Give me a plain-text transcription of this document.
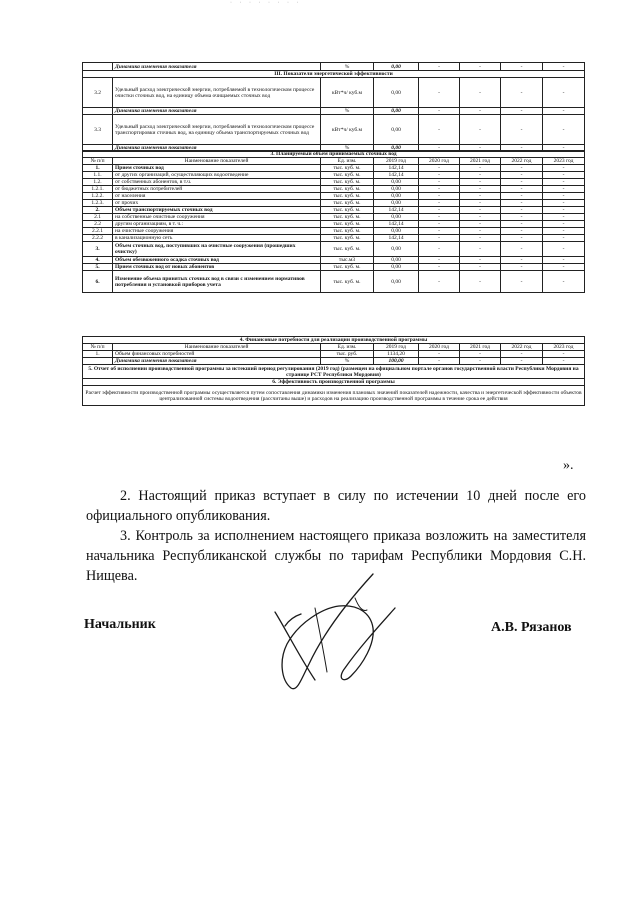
· · · · · · · ·
	Динамика изменения показателя	%	0,00	-	-	-	-
III. Показатели энергетической эффективности							
3.2	Удельный расход электрической энергии, потребляемой в технологическом процессе очистки сточных вод, на единицу объема очищаемых сточных вод	кВт*ч/ куб.м	0,00	-	-	-	-
	Динамика изменения показателя	%	0,00	-	-	-	-
3.3	Удельный расход электрической энергии, потребляемой в технологическом процессе транспортировки сточных вод, на единицу объема транспортируемых сточных вод	кВт*ч/ куб.м	0,00	-	-	-	-
	Динамика изменения показателя	%	0,00	-	-	-	-
3. Планируемый объем принимаемых сточных вод							
№ п/п	Наименование показателей	Ед. изм.	2019 год	2020 год	2021 год	2022 год	2023 год
1.	Прием сточных вод	тыс. куб. м.	142,14	-	-	-	-
1.1.	от других организаций, осуществляющих водоотведение	тыс. куб. м.	142,14	-	-	-	-
1.2.	от собственных абонентов, в т.ч.	тыс. куб. м.	0,00	-	-	-	-
1.2.1.	от бюджетных потребителей	тыс. куб. м.	0,00	-	-	-	-
1.2.2.	от населения	тыс. куб. м.	0,00	-	-	-	-
1.2.3.	от прочих	тыс. куб. м.	0,00	-	-	-	-
2.	Объем транспортируемых сточных вод	тыс. куб. м.	142,14	-	-	-	-
2.1	на собственные очистные сооружения	тыс. куб. м.	0,00	-	-	-	-
2.2	другим организациям, в т. ч.:	тыс. куб. м.	142,14	-	-	-	-
2.2.1	на очистные сооружения	тыс. куб. м.	0,00	-	-	-	-
2.2.2	в канализационную сеть	тыс. куб. м.	142,14	-	-	-	-
3.	Объем сточных вод, поступивших на очистные сооружения (прошедших очистку)	тыс. куб. м.	0,00	-	-	-	-
4.	Объем обезвоженного осадка сточных вод	тыс.м3	0,00	-	-	-	-
5.	Прием сточных вод от новых абонентов	тыс. куб. м.	0,00	-	-	-	-
6.	Изменение объема принятых сточных вод в связи с изменением нормативов потребления и установкой приборов учета	тыс. куб. м.	0,00	-	-	-	-
4. Финансовые потребности для реализации производственной программы							
№ п/п	Наименование показателей	Ед. изм.	2019 год	2020 год	2021 год	2022 год	2023 год
1.	Объем финансовых потребностей	тыс. руб.	1134,20	-	-	-	-
	Динамика изменения показателя	%	100,00	-	-	-	-
5. Отчет об исполнении производственной программы за истекший период регулирования (2019 год) (размещен на официальном портале органов государственной власти Республики Мордовия на странице РСТ Республики Мордовия)							
6. Эффективность производственной программы							
Расчет эффективности производственной программы осуществляется путем сопоставления динамики изменения плановых значений показателей надежности, качества и энергетической эффективности объектов централизованной системы водоотведения (рассчитаны выше) и расходов на реализацию производственной программы в течение срока ее действия							
».
2. Настоящий приказ вступает в силу по истечении 10 дней после его официального опубликования.
3. Контроль за исполнением настоящего приказа возложить на заместителя начальника Республиканской службы по тарифам Республики Мордовия С.Н. Нищева.
Начальник	А.В. Рязанов
